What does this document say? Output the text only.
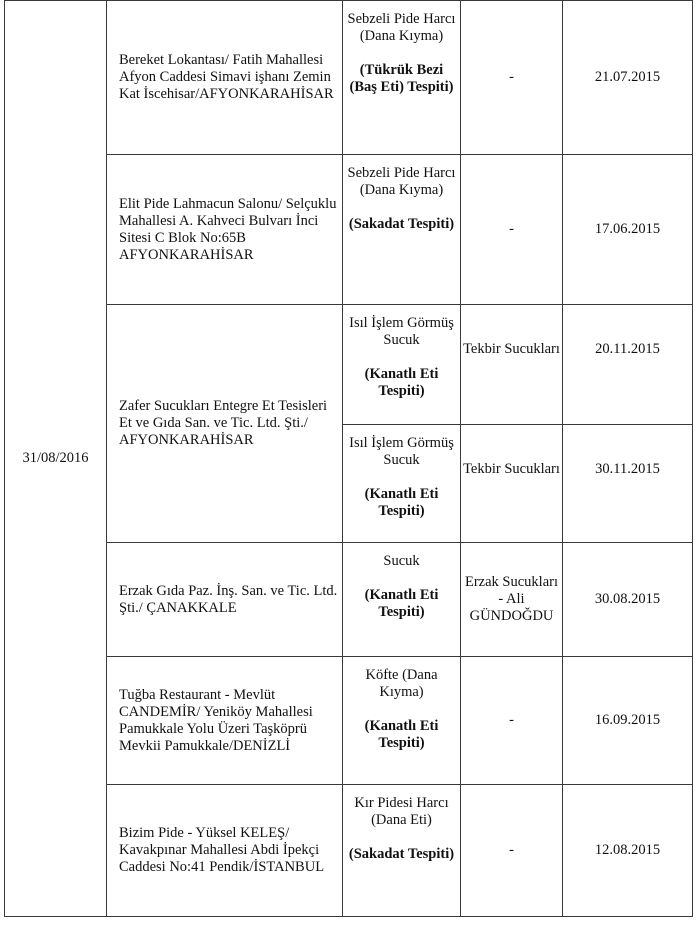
31/08/2016	Bereket Lokantası/ Fatih Mahallesi Afyon Caddesi Simavi işhanı Zemin Kat İscehisar/AFYONKARAHİSAR	Sebzeli Pide Harcı (Dana Kıyma)
(Tükrük Bezi (Baş Eti) Tespiti)	-	21.07.2015
	Elit Pide Lahmacun Salonu/ Selçuklu Mahallesi A. Kahveci Bulvarı İnci Sitesi C Blok No:65B AFYONKARAHİSAR	Sebzeli Pide Harcı (Dana Kıyma)
(Sakadat Tespiti)	-	17.06.2015
	Zafer Sucukları Entegre Et Tesisleri Et ve Gıda San. ve Tic. Ltd. Şti./ AFYONKARAHİSAR	Isıl İşlem Görmüş Sucuk
(Kanatlı Eti Tespiti)	Tekbir Sucukları	20.11.2015

		Isıl İşlem Görmüş Sucuk
(Kanatlı Eti Tespiti)	Tekbir Sucukları	30.11.2015
	Erzak Gıda Paz. İnş. San. ve Tic. Ltd. Şti./ ÇANAKKALE	Sucuk
(Kanatlı Eti Tespiti)	Erzak Sucukları - Ali GÜNDOĞDU	30.08.2015
	Tuğba Restaurant - Mevlüt CANDEMİR/ Yeniköy Mahallesi Pamukkale Yolu Üzeri Taşköprü Mevkii Pamukkale/DENİZLİ	Köfte (Dana Kıyma)
(Kanatlı Eti Tespiti)	-	16.09.2015
	Bizim Pide - Yüksel KELEŞ/ Kavakpınar Mahallesi Abdi İpekçi Caddesi No:41 Pendik/İSTANBUL	Kır Pidesi Harcı (Dana Eti)
(Sakadat Tespiti)	-	12.08.2015
